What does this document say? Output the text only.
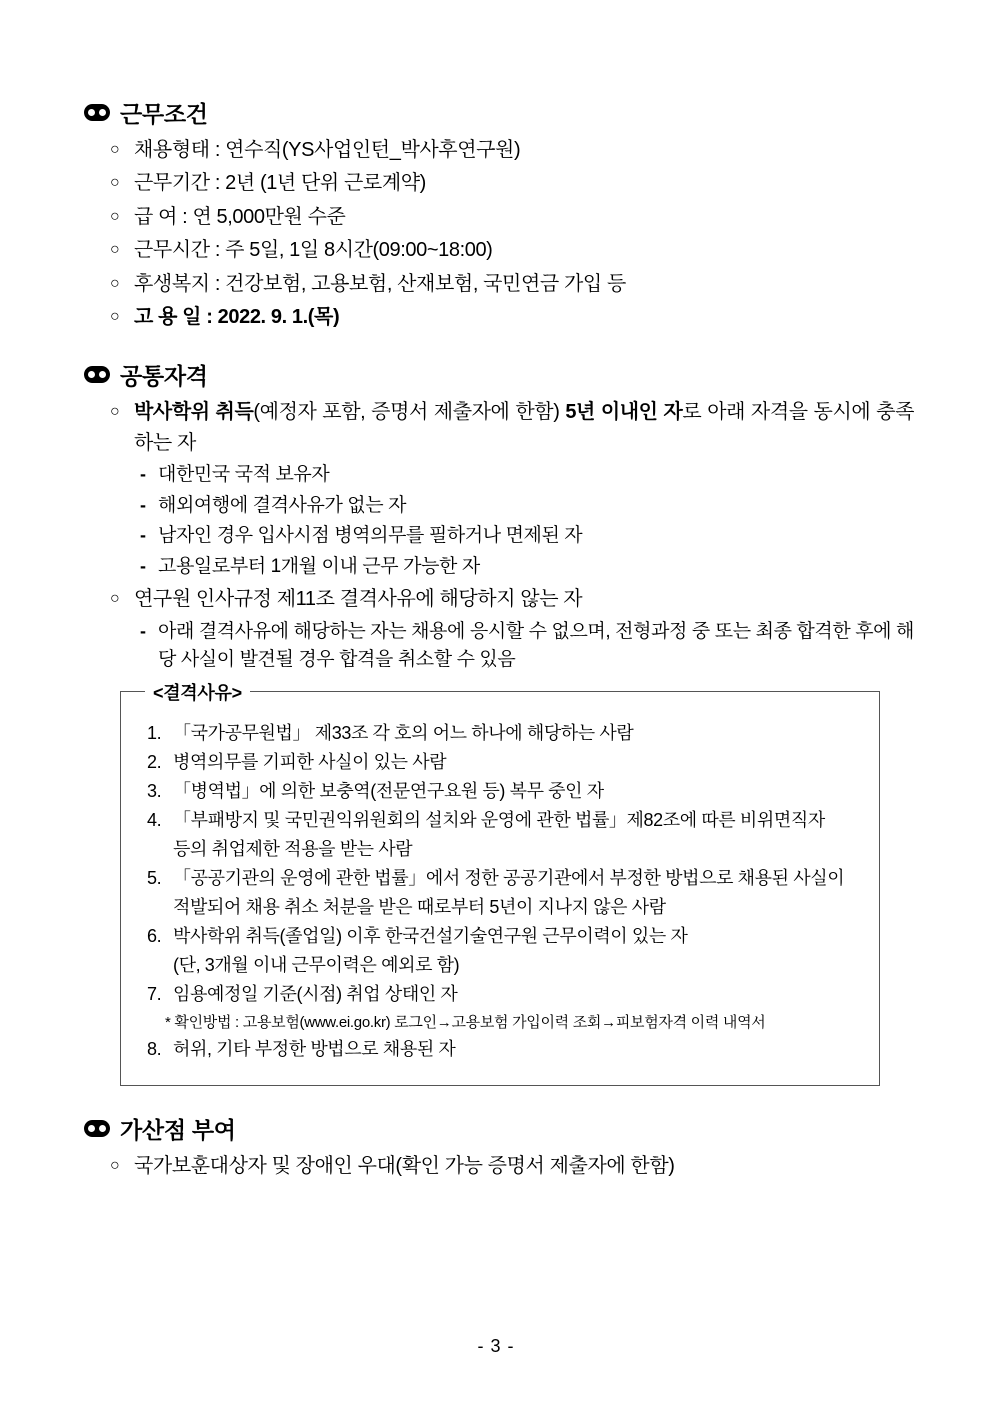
근무조건
○ 채용형태 : 연수직(YS사업인턴_박사후연구원)
○ 근무기간 : 2년 (1년 단위 근로계약)
○ 급 여 : 연 5,000만원 수준
○ 근무시간 : 주 5일, 1일 8시간(09:00~18:00)
○ 후생복지 : 건강보험, 고용보험, 산재보험, 국민연금 가입 등
○ 고 용 일 : 2022. 9. 1.(목)
공통자격
○ 박사학위 취득(예정자 포함, 증명서 제출자에 한함) 5년 이내인 자로 아래 자격을 동시에 충족하는 자
- 대한민국 국적 보유자
- 해외여행에 결격사유가 없는 자
- 남자인 경우 입사시점 병역의무를 필하거나 면제된 자
- 고용일로부터 1개월 이내 근무 가능한 자
○ 연구원 인사규정 제11조 결격사유에 해당하지 않는 자
- 아래 결격사유에 해당하는 자는 채용에 응시할 수 없으며, 전형과정 중 또는 최종 합격한 후에 해당 사실이 발견될 경우 합격을 취소할 수 있음
<결격사유>
1. 「국가공무원법」 제33조 각 호의 어느 하나에 해당하는 사람
2. 병역의무를 기피한 사실이 있는 사람
3. 「병역법」에 의한 보충역(전문연구요원 등) 복무 중인 자
4. 「부패방지 및 국민권익위원회의 설치와 운영에 관한 법률」제82조에 따른 비위면직자
등의 취업제한 적용을 받는 사람
5. 「공공기관의 운영에 관한 법률」에서 정한 공공기관에서 부정한 방법으로 채용된 사실이
적발되어 채용 취소 처분을 받은 때로부터 5년이 지나지 않은 사람
6. 박사학위 취득(졸업일) 이후 한국건설기술연구원 근무이력이 있는 자
(단, 3개월 이내 근무이력은 예외로 함)
7. 임용예정일 기준(시점) 취업 상태인 자
* 확인방법 : 고용보험(www.ei.go.kr) 로그인→고용보험 가입이력 조회→피보험자격 이력 내역서
8. 허위, 기타 부정한 방법으로 채용된 자
가산점 부여
○ 국가보훈대상자 및 장애인 우대(확인 가능 증명서 제출자에 한함)
- 3 -
